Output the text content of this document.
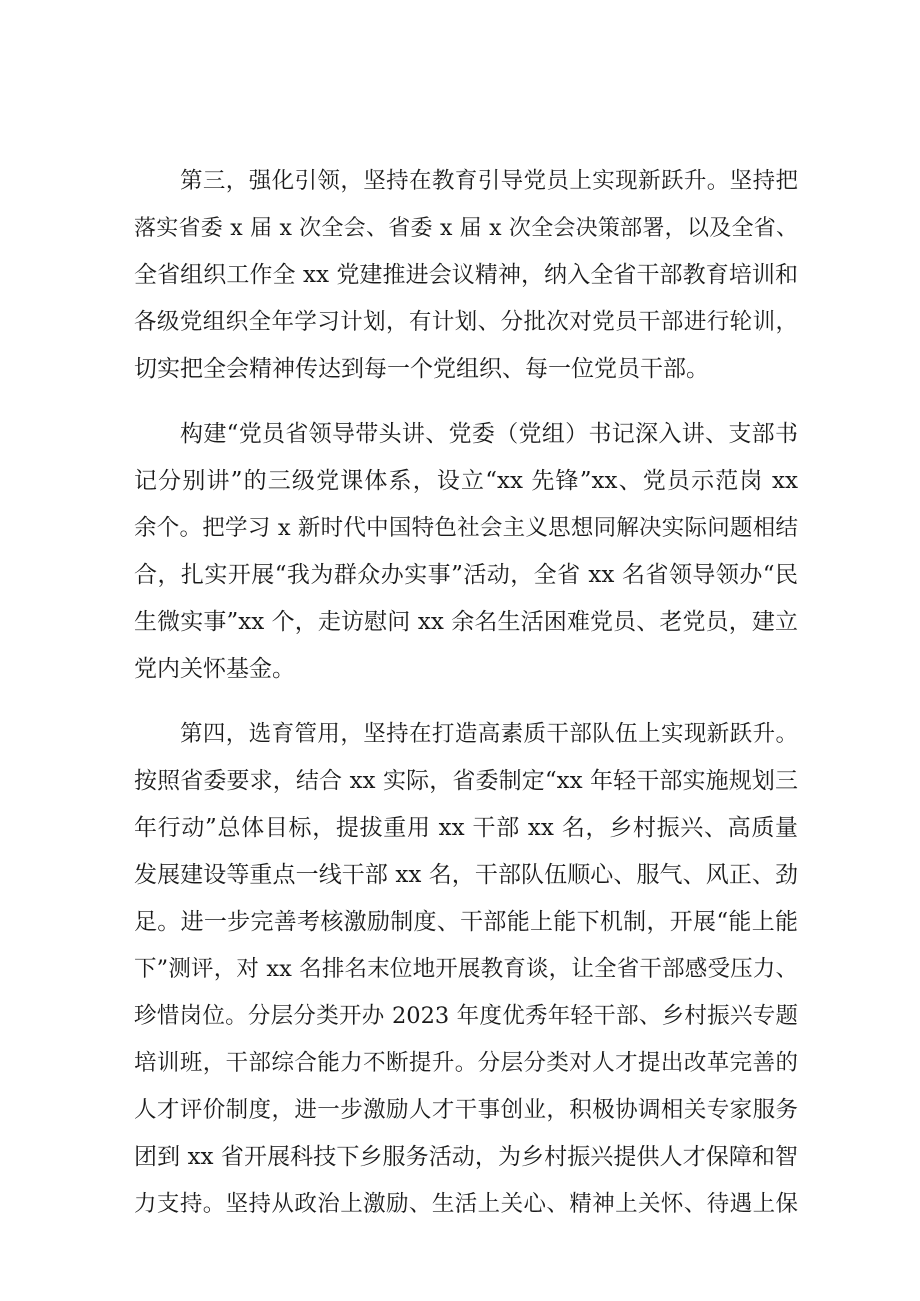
第三，强化引领，坚持在教育引导党员上实现新跃升。坚持把
落实省委 x 届 x 次全会、省委 x 届 x 次全会决策部署，以及全省、
全省组织工作全 xx 党建推进会议精神，纳入全省干部教育培训和
各级党组织全年学习计划，有计划、分批次对党员干部进行轮训，
切实把全会精神传达到每一个党组织、每一位党员干部。
构建“党员省领导带头讲、党委（党组）书记深入讲、支部书
记分别讲”的三级党课体系，设立“xx 先锋”xx、党员示范岗 xx
余个。把学习 x 新时代中国特色社会主义思想同解决实际问题相结
合，扎实开展“我为群众办实事”活动，全省 xx 名省领导领办“民
生微实事”xx 个，走访慰问 xx 余名生活困难党员、老党员，建立
党内关怀基金。
第四，选育管用，坚持在打造高素质干部队伍上实现新跃升。
按照省委要求，结合 xx 实际，省委制定“xx 年轻干部实施规划三
年行动”总体目标，提拔重用 xx 干部 xx 名，乡村振兴、高质量
发展建设等重点一线干部 xx 名，干部队伍顺心、服气、风正、劲
足。进一步完善考核激励制度、干部能上能下机制，开展“能上能
下”测评，对 xx 名排名末位地开展教育谈，让全省干部感受压力、
珍惜岗位。分层分类开办 2023 年度优秀年轻干部、乡村振兴专题
培训班，干部综合能力不断提升。分层分类对人才提出改革完善的
人才评价制度，进一步激励人才干事创业，积极协调相关专家服务
团到 xx 省开展科技下乡服务活动，为乡村振兴提供人才保障和智
力支持。坚持从政治上激励、生活上关心、精神上关怀、待遇上保
